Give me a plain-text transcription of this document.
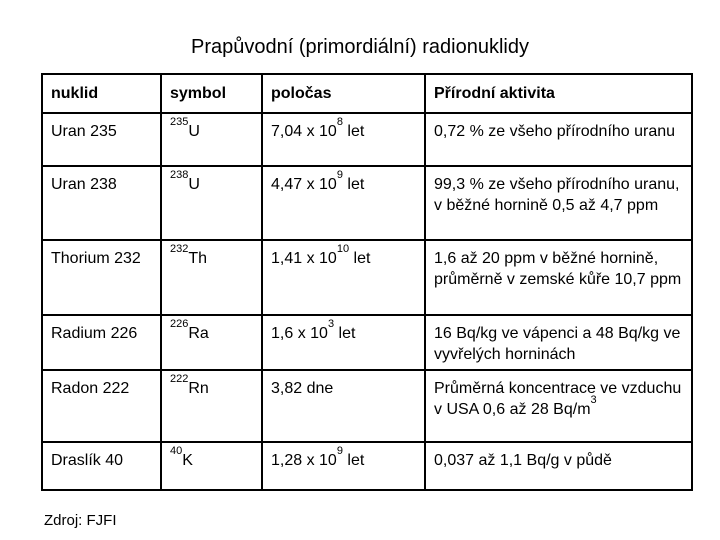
Prapůvodní (primordiální) radionuklidy
nuklid	symbol	poločas	Přírodní aktivita
Uran 235	$^{235}$U	7,04 x $10^8$ let	0,72 % ze všeho přírodního uranu
Uran 238	$^{238}$U	4,47 x $10^9$ let	99,3 % ze všeho přírodního uranu, v běžné hornině 0,5 až 4,7 ppm
Thorium 232	$^{232}$Th	1,41 x $10^{10}$ let	1,6 až 20 ppm v běžné hornině, průměrně v zemské kůře 10,7 ppm
Radium 226	$^{226}$Ra	1,6 x $10^3$ let	16 Bq/kg ve vápenci a 48 Bq/kg ve vyvřelých horninách
Radon 222	$^{222}$Rn	3,82 dne	Průměrná koncentrace ve vzduchu v USA 0,6 až 28 $Bq/m^3$
Draslík 40	$^{40}$K	1,28 x $10^9$ let	0,037 až 1,1 Bq/g v půdě
Zdroj: FJFI
